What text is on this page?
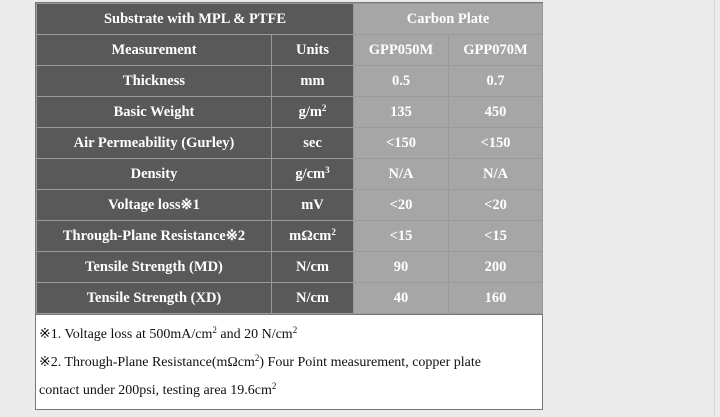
Substrate with MPL & PTFE		Carbon Plate	
Measurement	Units	GPP050M	GPP070M
Thickness	mm	0.5	0.7
Basic Weight	$g/m^2$	135	450
Air Permeability (Gurley)	sec	<150	<150
Density	$g/cm^3$	N/A	N/A
Voltage loss※1	mV	<20	<20
Through-Plane Resistance※2	mΩcm$^2$	<15	<15
Tensile Strength (MD)	N/cm	90	200
Tensile Strength (XD)	N/cm	40	160
※1. Voltage loss at $500mA/cm^2$ and 20 $N/cm^2$
※2. Through-Plane Resistance(mΩcm$^2$) Four Point measurement, copper plate
contact under 200psi, testing area $19.6cm^2$
